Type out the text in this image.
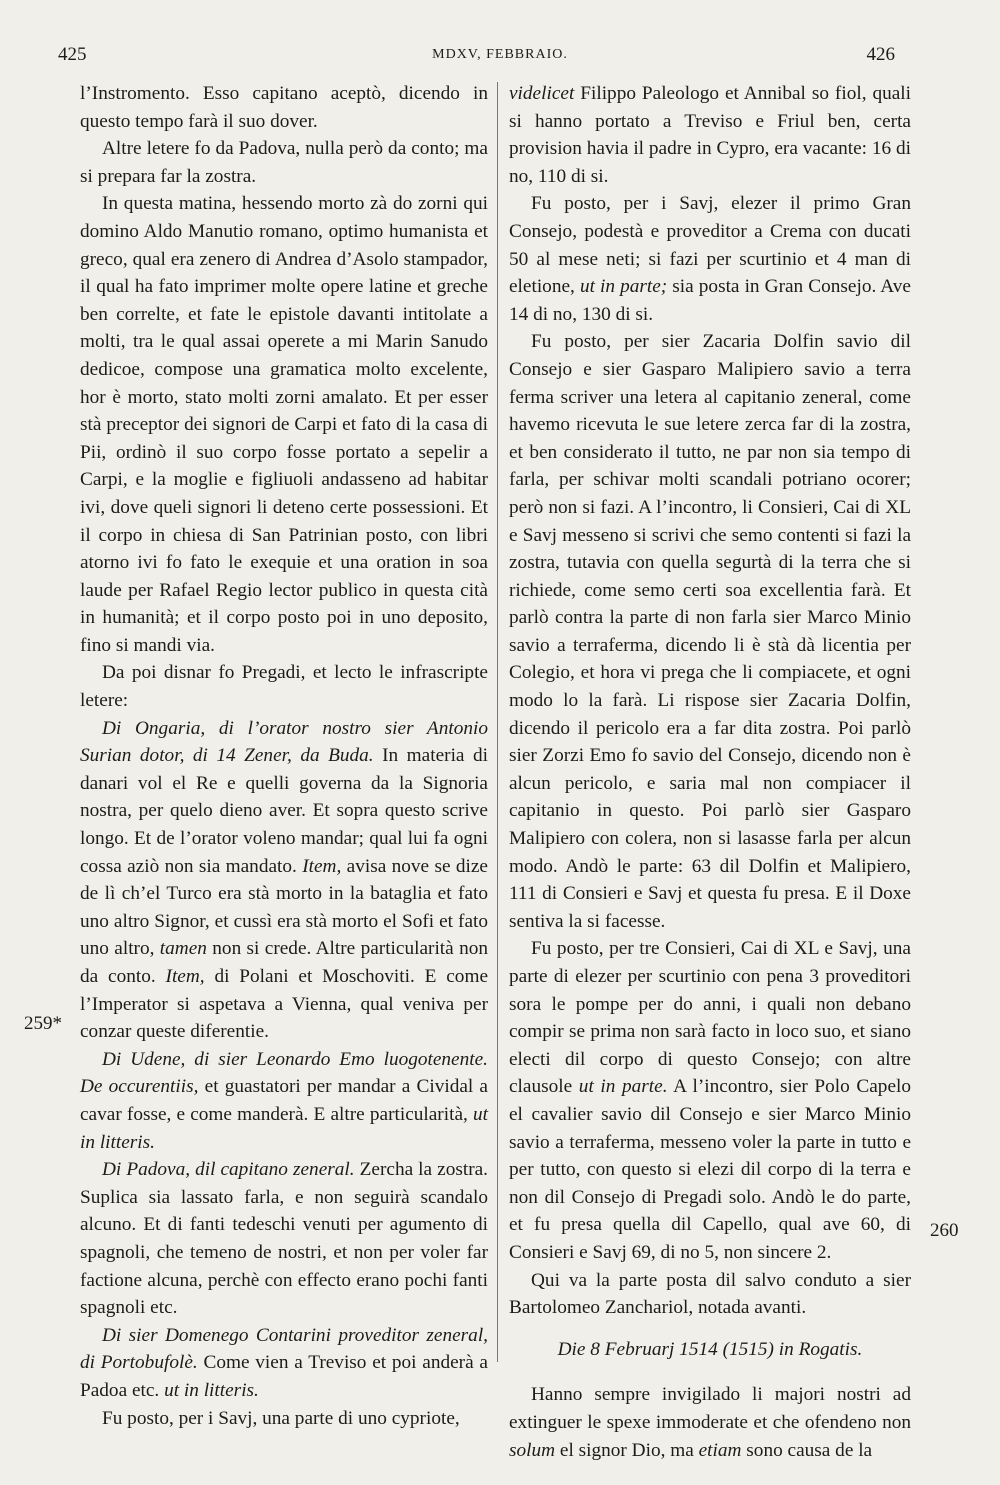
425	MDXV, FEBBRAIO.	426
259*
260

l’Instromento. Esso capitano aceptò, dicendo in questo tempo farà il suo dover.

Altre letere fo da Padova, nulla però da conto; ma si prepara far la zostra.

In questa matina, hessendo morto zà do zorni qui domino Aldo Manutio romano, optimo humanista et greco, qual era zenero di Andrea d’Asolo stampador, il qual ha fato imprimer molte opere latine et greche ben correlte, et fate le epistole davanti intitolate a molti, tra le qual assai operete a mi Marin Sanudo dedicoe, compose una gramatica molto excelente, hor è morto, stato molti zorni amalato. Et per esser stà preceptor dei signori de Carpi et fato di la casa di Pii, ordinò il suo corpo fosse portato a sepelir a Carpi, e la moglie e figliuoli andasseno ad habitar ivi, dove queli signori li deteno certe possessioni. Et il corpo in chiesa di San Patrinian posto, con libri atorno ivi fo fato le exequie et una oration in soa laude per Rafael Regio lector publico in questa cità in humanità; et il corpo posto poi in uno deposito, fino si mandi via.

Da poi disnar fo Pregadi, et lecto le infrascripte letere:

Di Ongaria, di l’orator nostro sier Antonio Surian dotor, di 14 Zener, da Buda. In materia di danari vol el Re e quelli governa da la Signoria nostra, per quelo dieno aver. Et sopra questo scrive longo. Et de l’orator voleno mandar; qual lui fa ogni cossa aziò non sia mandato. Item, avisa nove se dize de lì ch’el Turco era stà morto in la bataglia et fato uno altro Signor, et cussì era stà morto el Sofi et fato uno altro, tamen non si crede. Altre particularità non da conto. Item, di Polani et Moschoviti. E come l’Imperator si aspetava a Vienna, qual veniva per conzar queste diferentie.

Di Udene, di sier Leonardo Emo luogotenente. De occurentiis, et guastatori per mandar a Cividal a cavar fosse, e come manderà. E altre particularità, ut in litteris.

Di Padova, dil capitano zeneral. Zercha la zostra. Suplica sia lassato farla, e non seguirà scandalo alcuno. Et di fanti tedeschi venuti per agumento di spagnoli, che temeno de nostri, et non per voler far factione alcuna, perchè con effecto erano pochi fanti spagnoli etc.

Di sier Domenego Contarini proveditor zeneral, di Portobufolè. Come vien a Treviso et poi anderà a Padoa etc. ut in litteris.

Fu posto, per i Savj, una parte di uno cypriote,

videlicet Filippo Paleologo et Annibal so fiol, quali si hanno portato a Treviso e Friul ben, certa provision havia il padre in Cypro, era vacante: 16 di no, 110 di si.

Fu posto, per i Savj, elezer il primo Gran Consejo, podestà e proveditor a Crema con ducati 50 al mese neti; si fazi per scurtinio et 4 man di eletione, ut in parte; sia posta in Gran Consejo. Ave 14 di no, 130 di si.

Fu posto, per sier Zacaria Dolfin savio dil Consejo e sier Gasparo Malipiero savio a terra ferma scriver una letera al capitanio zeneral, come havemo ricevuta le sue letere zerca far di la zostra, et ben considerato il tutto, ne par non sia tempo di farla, per schivar molti scandali potriano ocorer; però non si fazi. A l’incontro, li Consieri, Cai di XL e Savj messeno si scrivi che semo contenti si fazi la zostra, tutavia con quella segurtà di la terra che si richiede, come semo certi soa excellentia farà. Et parlò contra la parte di non farla sier Marco Minio savio a terraferma, dicendo li è stà dà licentia per Colegio, et hora vi prega che li compiacete, et ogni modo lo la farà. Li rispose sier Zacaria Dolfin, dicendo il pericolo era a far dita zostra. Poi parlò sier Zorzi Emo fo savio del Consejo, dicendo non è alcun pericolo, e saria mal non compiacer il capitanio in questo. Poi parlò sier Gasparo Malipiero con colera, non si lasasse farla per alcun modo. Andò le parte: 63 dil Dolfin et Malipiero, 111 di Consieri e Savj et questa fu presa. E il Doxe sentiva la si facesse.

Fu posto, per tre Consieri, Cai di XL e Savj, una parte di elezer per scurtinio con pena 3 proveditori sora le pompe per do anni, i quali non debano compir se prima non sarà facto in loco suo, et siano electi dil corpo di questo Consejo; con altre clausole ut in parte. A l’incontro, sier Polo Capelo el cavalier savio dil Consejo e sier Marco Minio savio a terraferma, messeno voler la parte in tutto e per tutto, con questo si elezi dil corpo di la terra e non dil Consejo di Pregadi solo. Andò le do parte, et fu presa quella dil Capello, qual ave 60, di Consieri e Savj 69, di no 5, non sincere 2.

Qui va la parte posta dil salvo conduto a sier Bartolomeo Zanchariol, notada avanti.

Die 8 Februarj 1514 (1515) in Rogatis.

Hanno sempre invigilado li majori nostri ad extinguer le spexe immoderate et che ofendeno non solum el signor Dio, ma etiam sono causa de la
